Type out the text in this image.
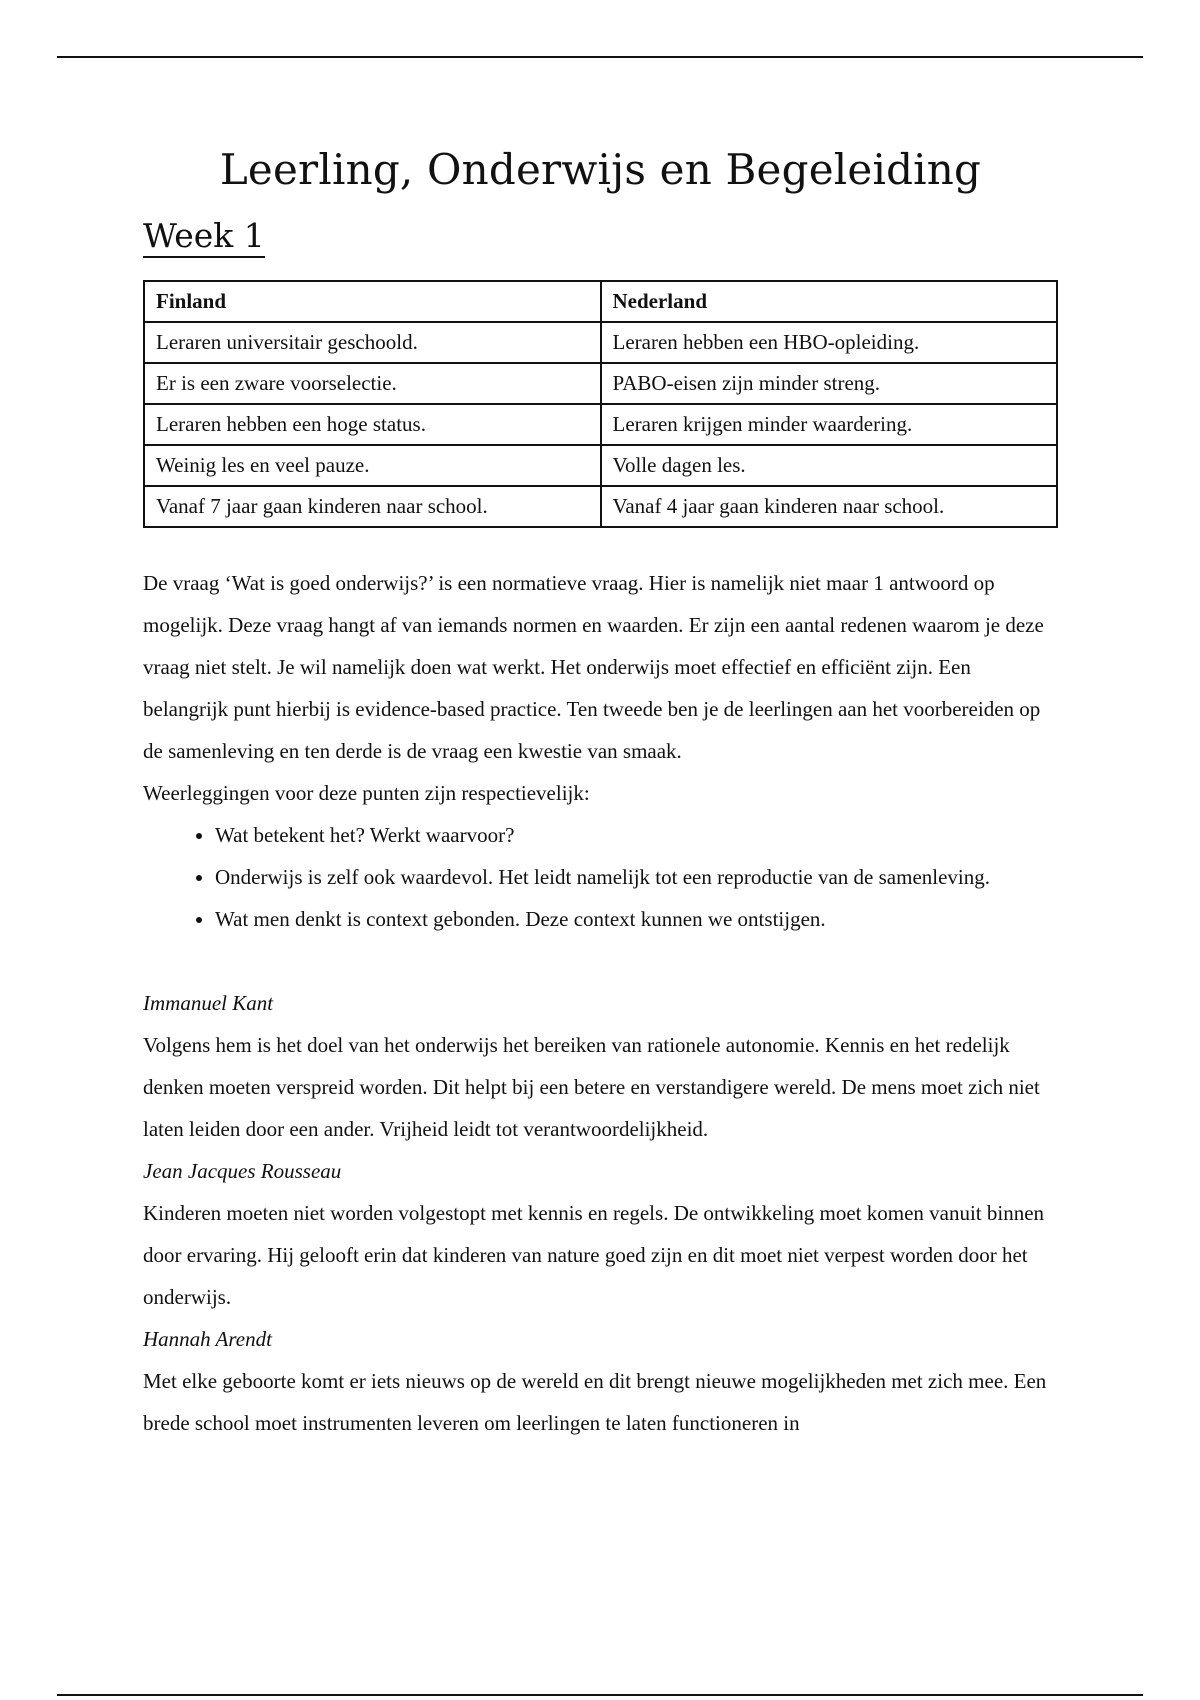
Leerling, Onderwijs en Begeleiding
Week 1
Finland	Nederland
Leraren universitair geschoold.	Leraren hebben een HBO-opleiding.
Er is een zware voorselectie.	PABO-eisen zijn minder streng.
Leraren hebben een hoge status.	Leraren krijgen minder waardering.
Weinig les en veel pauze.	Volle dagen les.
Vanaf 7 jaar gaan kinderen naar school.	Vanaf 4 jaar gaan kinderen naar school.

De vraag ‘Wat is goed onderwijs?’ is een normatieve vraag. Hier is namelijk niet maar 1 antwoord op mogelijk. Deze vraag hangt af van iemands normen en waarden. Er zijn een aantal redenen waarom je deze vraag niet stelt. Je wil namelijk doen wat werkt. Het onderwijs moet effectief en efficiënt zijn. Een belangrijk punt hierbij is evidence-based practice. Ten tweede ben je de leerlingen aan het voorbereiden op de samenleving en ten derde is de vraag een kwestie van smaak.

Weerleggingen voor deze punten zijn respectievelijk:

• Wat betekent het? Werkt waarvoor?
• Onderwijs is zelf ook waardevol. Het leidt namelijk tot een reproductie van de samenleving.
• Wat men denkt is context gebonden. Deze context kunnen we ontstijgen.

Immanuel Kant

Volgens hem is het doel van het onderwijs het bereiken van rationele autonomie. Kennis en het redelijk denken moeten verspreid worden. Dit helpt bij een betere en verstandigere wereld. De mens moet zich niet laten leiden door een ander. Vrijheid leidt tot verantwoordelijkheid.

Jean Jacques Rousseau

Kinderen moeten niet worden volgestopt met kennis en regels. De ontwikkeling moet komen vanuit binnen door ervaring. Hij gelooft erin dat kinderen van nature goed zijn en dit moet niet verpest worden door het onderwijs.

Hannah Arendt

Met elke geboorte komt er iets nieuws op de wereld en dit brengt nieuwe mogelijkheden met zich mee. Een brede school moet instrumenten leveren om leerlingen te laten functioneren in
